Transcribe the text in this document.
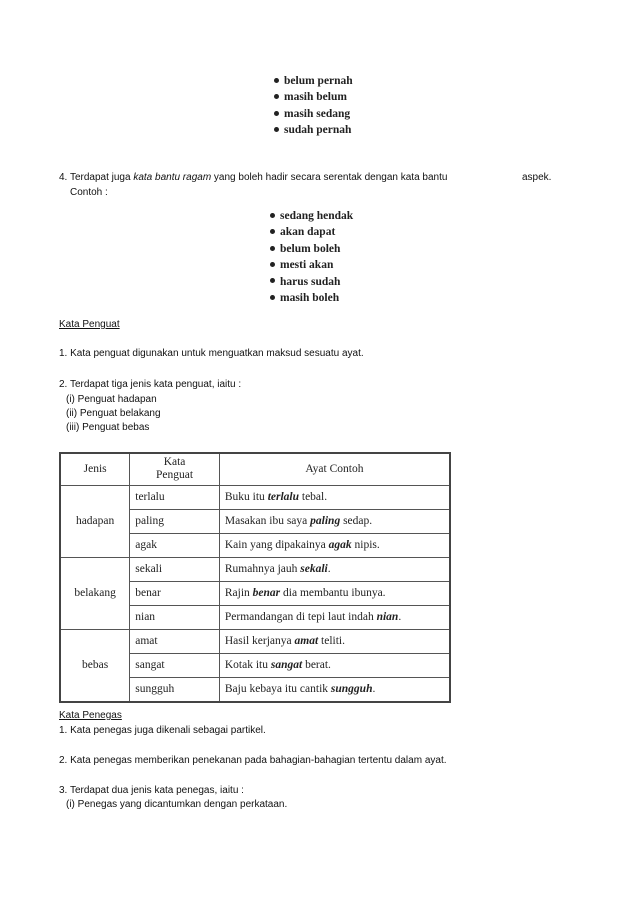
belum pernah
masih belum
masih sedang
sudah pernah
4. Terdapat juga kata bantu ragam yang boleh hadir secara serentak dengan kata bantu	aspek.
Contoh :
sedang hendak
akan dapat
belum boleh
mesti akan
harus sudah
masih boleh
Kata Penguat
1. Kata penguat digunakan untuk menguatkan maksud sesuatu ayat.
2. Terdapat tiga jenis kata penguat, iaitu :
(i) Penguat hadapan
(ii) Penguat belakang
(iii) Penguat bebas
Jenis	Kata Penguat	Ayat Contoh
hadapan	terlalu	Buku itu terlalu tebal.
	paling	Masakan ibu saya paling sedap.
	agak	Kain yang dipakainya agak nipis.
belakang	sekali	Rumahnya jauh sekali.
	benar	Rajin benar dia membantu ibunya.
	nian	Permandangan di tepi laut indah nian.
bebas	amat	Hasil kerjanya amat teliti.
	sangat	Kotak itu sangat berat.
	sungguh	Baju kebaya itu cantik sungguh.
Kata Penegas
1. Kata penegas juga dikenali sebagai partikel.
2. Kata penegas memberikan penekanan pada bahagian-bahagian tertentu dalam ayat.
3. Terdapat dua jenis kata penegas, iaitu :
(i) Penegas yang dicantumkan dengan perkataan.
